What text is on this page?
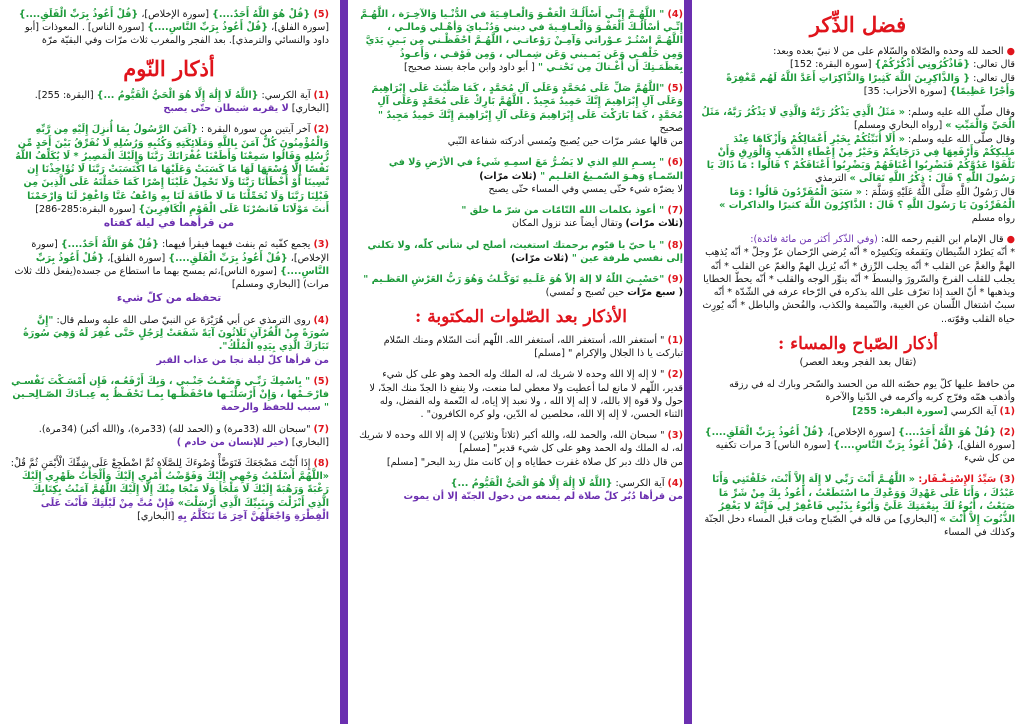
فضل الذِّكر
● الحمد لله وحده والصّلاة والسّلام على من لا نبيّ بعده وبعد:
قال تعالى: {فَاذْكُرُونِي أَذْكُرْكُمْ} [سورة البقرة: 152]
قال تعالى: { وَالذَّاكِرِينَ اللَّهَ كَثِيرًا وَالذَّاكِرَاتِ أَعَدَّ اللَّهُ لَهُم مَّغْفِرَةً وَأَجْرًا عَظِيمًا} [سورة الأحزاب: 35]
وقال صلّى الله عليه وسلم: « مَثَلُ الَّذِي يَذْكُرُ رَبَّهُ وَالَّذِي لَا يَذْكُرُ رَبَّهُ، مَثَلُ الْحَيِّ وَالْمَيِّتِ » [رواه البخاري ومسلم]
وقال صلّى الله عليه وسلم: « أَلَا أُنَبِّئُكُمْ بِخَيْرِ أَعْمَالِكُمْ وَأَزْكَاهَا عِنْدَ مَلِيكِكُمْ وَأَرْفَعِهَا فِي دَرَجَاتِكُمْ وَخَيْرٌ مِنْ إِعْطَاءِ الذَّهَبِ وَالْوَرِقِ وَأَنْ تَلْقَوْا عَدُوَّكُمْ فَتَضْرِبُوا أَعْنَاقَهُمْ وَيَضْرِبُوا أَعْنَاقَكُمْ ؟ قَالُوا : مَا ذَاكَ يَا رَسُولَ اللَّهِ ؟ قَالَ : ذِكْرُ اللَّهِ تَعَالَى » الترمذي
قال رَسُولُ اللَّهِ صَلَّى اللَّهُ عَلَيْهِ وَسَلَّمَ : « سَبَقَ الْمُفَرِّدُونَ قَالُوا : وَمَا الْمُفَرِّدُونَ يَا رَسُولَ اللَّهِ ؟ قَالَ : الذَّاكِرُونَ اللَّهَ كثيرًا والذاكرات » رواه مسلم
● قال الإمام ابن القيم رحمه الله: (وفي الذّكر أكثر من مائة فائدة):
* أنّه يَطرُد الشّيطان ويَقمعُه ويَكسِرُه * أنّه يُرضي الرّحمان عزّ وجلّ * أنّه يُذهِب الهمَّ والغمَّ عن القلب * أنّه يجلب الرِّزق * أنّه يُزيل الهمّ والغمّ عن القلب * أنّه يجلب للقلب الفرحَ والسّرورَ والبسطَ * أنّه ينوِّر الوجه والقلب * أنّه يحطّ الخطايا ويذهبها * أنّ العبد إذا تعرّف على الله بذكره في الرّخاء عرفه في الشّدّة * أنّه سببُ اشتغال اللّسان عن الغيبة، والنّميمة والكذب، والفُحش والباطل * أنّه يُورِث حياة القلب وقوّته..
أذكار الصّباح والمساء :
(تقال بعد الفجر وبعد العصر)
من حافظ عليها كلّ يوم حصّنه الله من الحسد والسّحر وبارك له في رزقه وأذهب همّه وفرّج كربه وأكرمه في الدّنيا والآخرة
(1) آية الكرسي [سورة البقرة: 255]
(2) {قُلْ هُوَ اللَّهُ أَحَدٌ....} [سورة الإخلاص]، {قُلْ أَعُوذُ بِرَبِّ الْفَلَقِ....} [سورة الفلق]، {قُلْ أَعُوذُ بِرَبِّ النَّاسِ....} [سورة الناس] 3 مرات تكفيه من كل شيء
(3) سَيِّدُ الإِسْتِـغْـفَار: « اللَّهُـمَّ أَنْتَ رَبِّي لا إِلَهَ إِلاَّ أَنْتَ، خَلَقْتَنِي وَأَنَا عَبْدُكَ ، وَأَنَا عَلَى عَهْدِكَ وَوَعْدِكَ ما اسْتَطَعْتُ ، أَعُوذُ بِكَ مِنْ شَرِّ مَا صَنَعْتُ ، أَبُوءُ لَكَ بِنِعْمَتِكَ عَلَيَّ وَأَبُوءُ بِذَنْبِي فَاغْفِرْ لِي فَإِنَّهُ لا يَغْفِرُ الذُّنُوبَ إِلاَّ أَنْتَ » [البخاري] من قاله في الصّباح ومات قبل المساء دخل الجنّة وكذلك في المساء
(4) " اللَّهُـمَّ إِنِّـي أَسْأَلُـكَ الْعَفْـوَ وَالْعـافِـيَةَ في الدُّنْـيا وَالآخِـرَة ، اللَّهُـمَّ إِنِّـي أسْأَلُـكَ الْعَفْـوَ وَالْعـافِـيةَ في ديني وَدُنْـيايَ وَأهْـلي وَمالـي ، اللَّهُـمَّ اسْتُـرْ عـوْراتي وَآمِـنْ رَوْعاتـي ، اللَّهُـمَّ احْفَظْـني مِن بَـينِ يَدَيَّ وَمِن خَلْفـي وَعَن يَمـيني وَعَن شِمـالي ، وَمِن فَوْقـي ، وَأَعـوذُ بِعَظَمَـتِكَ أَن أُغْـتالَ مِن تَحْتـي " [ أبو داود وابن ماجة بسند صحيح]
(5) "اللَّهُمَّ صَلِّ عَلَى مُحَمَّدٍ وَعَلَى آلِ مُحَمَّدٍ ، كَمَا صَلَّيْتَ عَلَى إِبْرَاهِيمَ وَعَلَى آلِ إِبْرَاهِيمَ إِنَّكَ حَمِيدٌ مَجِيدٌ . اللَّهُمَّ بَارِكْ عَلَى مُحَمَّدٍ وَعَلَى آلِ مُحَمَّدٍ ، كَمَا بَارَكْتَ عَلَى إِبْرَاهِيمَ وَعَلَى آلِ إِبْرَاهِيمَ إِنَّكَ حَمِيدٌ مَجِيدٌ " صحيح
من قالها عشر مرّات حين يُصبح ويُمسي أدركته شفاعة النّبي
(6) " بِسـمِ اللهِ الذي لا يَضُـرُّ مَعَ اسمِـهِ شَيءٌ في الأرْضِ وَلا في السّمـاءِ وَهـوَ السّمـيعُ العَلـيم " (ثلاث مرّات)
لا يضرّه شيء حتّى يمسي وفي المساء حتّى يصبح
(7) " أعوذ بكلمات الله التّامّات من شرّ ما خلق "
(ثلاث مرّات) وتقال أيضاً عند نزول المكان
(8) " يا حيّ يا قيّوم برحمتك استغيث، أصلح لي شأني كلّه، ولا تكلني إلى نفسي طرفة عين " (ثلاث مرّات)
(9) "حَسْبِـيَ اللّهُ لا إلهَ إلاّ هُوَ عَلَـيهِ تَوَكَّـلتُ وَهُوَ رَبُّ العَرْشِ العَظـيم " ( سبع مرّات حين تُصبح و تُمسي)
الأذكار بعد الصّلوات المكتوبة :
(1) " أستغفر الله، أستغفر الله، أستغفر الله. اللّهم أنت السّلام ومنك السّلام تباركت يا ذا الجلال والإكرام " [مسلم]
(2) " لا إله إلا الله وحده لا شريك له، له الملك وله الحمد وهو على كل شيء قدير، اللّهم لا مانع لما أعطيت ولا معطي لما منعت، ولا ينفع ذا الجدّ منك الجدّ، لا حول ولا قوة إلا بالله، لا إله إلا الله ، ولا نعبد إلا إياه، له النّعمة وله الفضل، وله الثناء الحسن، لا إله إلا الله، مخلصين له الدّين، ولو كره الكافرون" .
(3) " سبحان الله، والحمد لله، والله أكبر (ثلاثاً وثلاثين) لا إله إلا الله وحده لا شريك له، له الملك وله الحمد وهو على كل شيء قدير" [مسلم]
من قال ذلك دبر كل صلاة غفرت خطاياه و إن كانت مثل زبد البحر" [مسلم]
(4) آية الكرسي: {اللَّهُ لَا إِلَٰهَ إِلَّا هُوَ الْحَيُّ الْقَيُّومُ ...}
من قرأها دُبُر كلّ صلاة لم يمنعه من دخول الجنّة إلا أن يموت
(5) {قُلْ هُوَ اللَّهُ أَحَدٌ....} [سورة الإخلاص]، {قُلْ أَعُوذُ بِرَبِّ الْفَلَقِ....} [سورة الفلق]، {قُلْ أَعُوذُ بِرَبِّ النَّاسِ....} [سورة الناس] . المعوذات [أبو داود والنسائي والترمذي]. بعد الفجر والمغرب ثلاث مرّات وفي البقيّة مرّة
أذكار النّوم
(1) آية الكرسي: {اللَّهُ لَا إِلَٰهَ إِلَّا هُوَ الْحَيُّ الْقَيُّومُ ...} [البقرة: 255].[البخاري] لا يقربه شيطان حتّى يصبح
(2) آخر آيتين من سورة البقرة : {آمَنَ الرَّسُولُ بِمَا أُنزِلَ إِلَيْهِ مِن رَّبِّهِ وَالْمُؤْمِنُونَ كُلٌّ آمَنَ بِاللَّهِ وَمَلَائِكَتِهِ وَكُتُبِهِ وَرُسُلِهِ لَا نُفَرِّقُ بَيْنَ أَحَدٍ مِّن رُّسُلِهِ وَقَالُوا سَمِعْنَا وَأَطَعْنَا غُفْرَانَكَ رَبَّنَا وَإِلَيْكَ الْمَصِيرُ * لَا يُكَلِّفُ اللَّهُ نَفْسًا إِلَّا وُسْعَهَا لَهَا مَا كَسَبَتْ وَعَلَيْهَا مَا اكْتَسَبَتْ رَبَّنَا لَا تُؤَاخِذْنَا إِن نَّسِينَا أَوْ أَخْطَأْنَا رَبَّنَا وَلَا تَحْمِلْ عَلَيْنَا إِصْرًا كَمَا حَمَلْتَهُ عَلَى الَّذِينَ مِن قَبْلِنَا رَبَّنَا وَلَا تُحَمِّلْنَا مَا لَا طَاقَةَ لَنَا بِهِ وَاعْفُ عَنَّا وَاغْفِرْ لَنَا وَارْحَمْنَا أَنتَ مَوْلَانَا فَانصُرْنَا عَلَى الْقَوْمِ الْكَافِرِينَ} [سورة البقرة:285-286]
من قرأهما في ليلة كفتاه
(3) يجمع كفّيه ثم ينفث فيهما فيقرأ فيهما: {قُلْ هُوَ اللَّهُ أَحَدٌ....} [سورة الإخلاص]، {قُلْ أَعُوذُ بِرَبِّ الْفَلَقِ....} [سورة الفلق]، {قُلْ أَعُوذُ بِرَبِّ النَّاسِ....} [سورة الناس]،ثم يمسح بهما ما استطاع من جسده(يفعل ذلك ثلاث مرات) [البخاري ومسلم]
تحفظه من كلّ شيء
(4) روى الترمذي عن أبي هُرَيْرَةَ عن النبيّ صلى الله عليه وسلم قال: "إِنَّ سُورَةً مِنْ الْقُرْآنِ ثَلَاثُونَ آيَةً شَفَعَتْ لِرَجُلٍ حَتَّى غُفِرَ لَهُ وَهِيَ سُورَةُ تَبَارَكَ الَّذِي بِيَدِهِ الْمُلْكُ".
من قرأها كلّ ليلة نجا من عذاب القبر
(5) " بِاسْمِكَ رَبِّـي وَضَعْـتُ جَنْـبي ، وَبِكَ أَرْفَعُـه، فَإِن أَمْسَـكْتَ نَفْسـي فارْحَـمْها ، وَإِنْ أَرْسَلْتَـها فاحْفَظْـها بِمـا تَحْفَـظُ بِه عِبـادَكَ الصّـالِحـين " سبب للحفظ والرحمة
(7) "سبحان الله (33مرة) و (الحمد لله) (33مرة)، و(الله أكبر) (34مرة). [البخاري] (خير للإنسان من خادم )
(8) إِذَا أَتَيْتَ مَضْجَعَكَ فَتَوَضَّأْ وُضُوءَكَ لِلصَّلَاةِ ثُمَّ اضْطَجِعْ عَلَى شِقِّكَ الْأَيْمَنِ ثُمَّ قُلْ: «اللَّهُمَّ أَسْلَمْتُ وَجْهِي إِلَيْكَ وَفَوَّضْتُ أَمْرِي إِلَيْكَ وَأَلْجَأْتُ ظَهْرِي إِلَيْكَ رَغْبَةً وَرَهْبَةً إِلَيْكَ لَا مَلْجَأَ وَلَا مَنْجَا مِنْكَ إِلَّا إِلَيْكَ اللَّهُمَّ آمَنْتُ بِكِتَابِكَ الَّذِي أَنْزَلْتَ وَبِنَبِيِّكَ الَّذِي أَرْسَلْتَ» فَإِنْ مُتَّ مِنْ لَيْلَتِكَ فَأَنْتَ عَلَى الْفِطْرَةِ وَاجْعَلْهُنَّ آخِرَ مَا تَتَكَلَّمُ بِهِ [البخاري]
